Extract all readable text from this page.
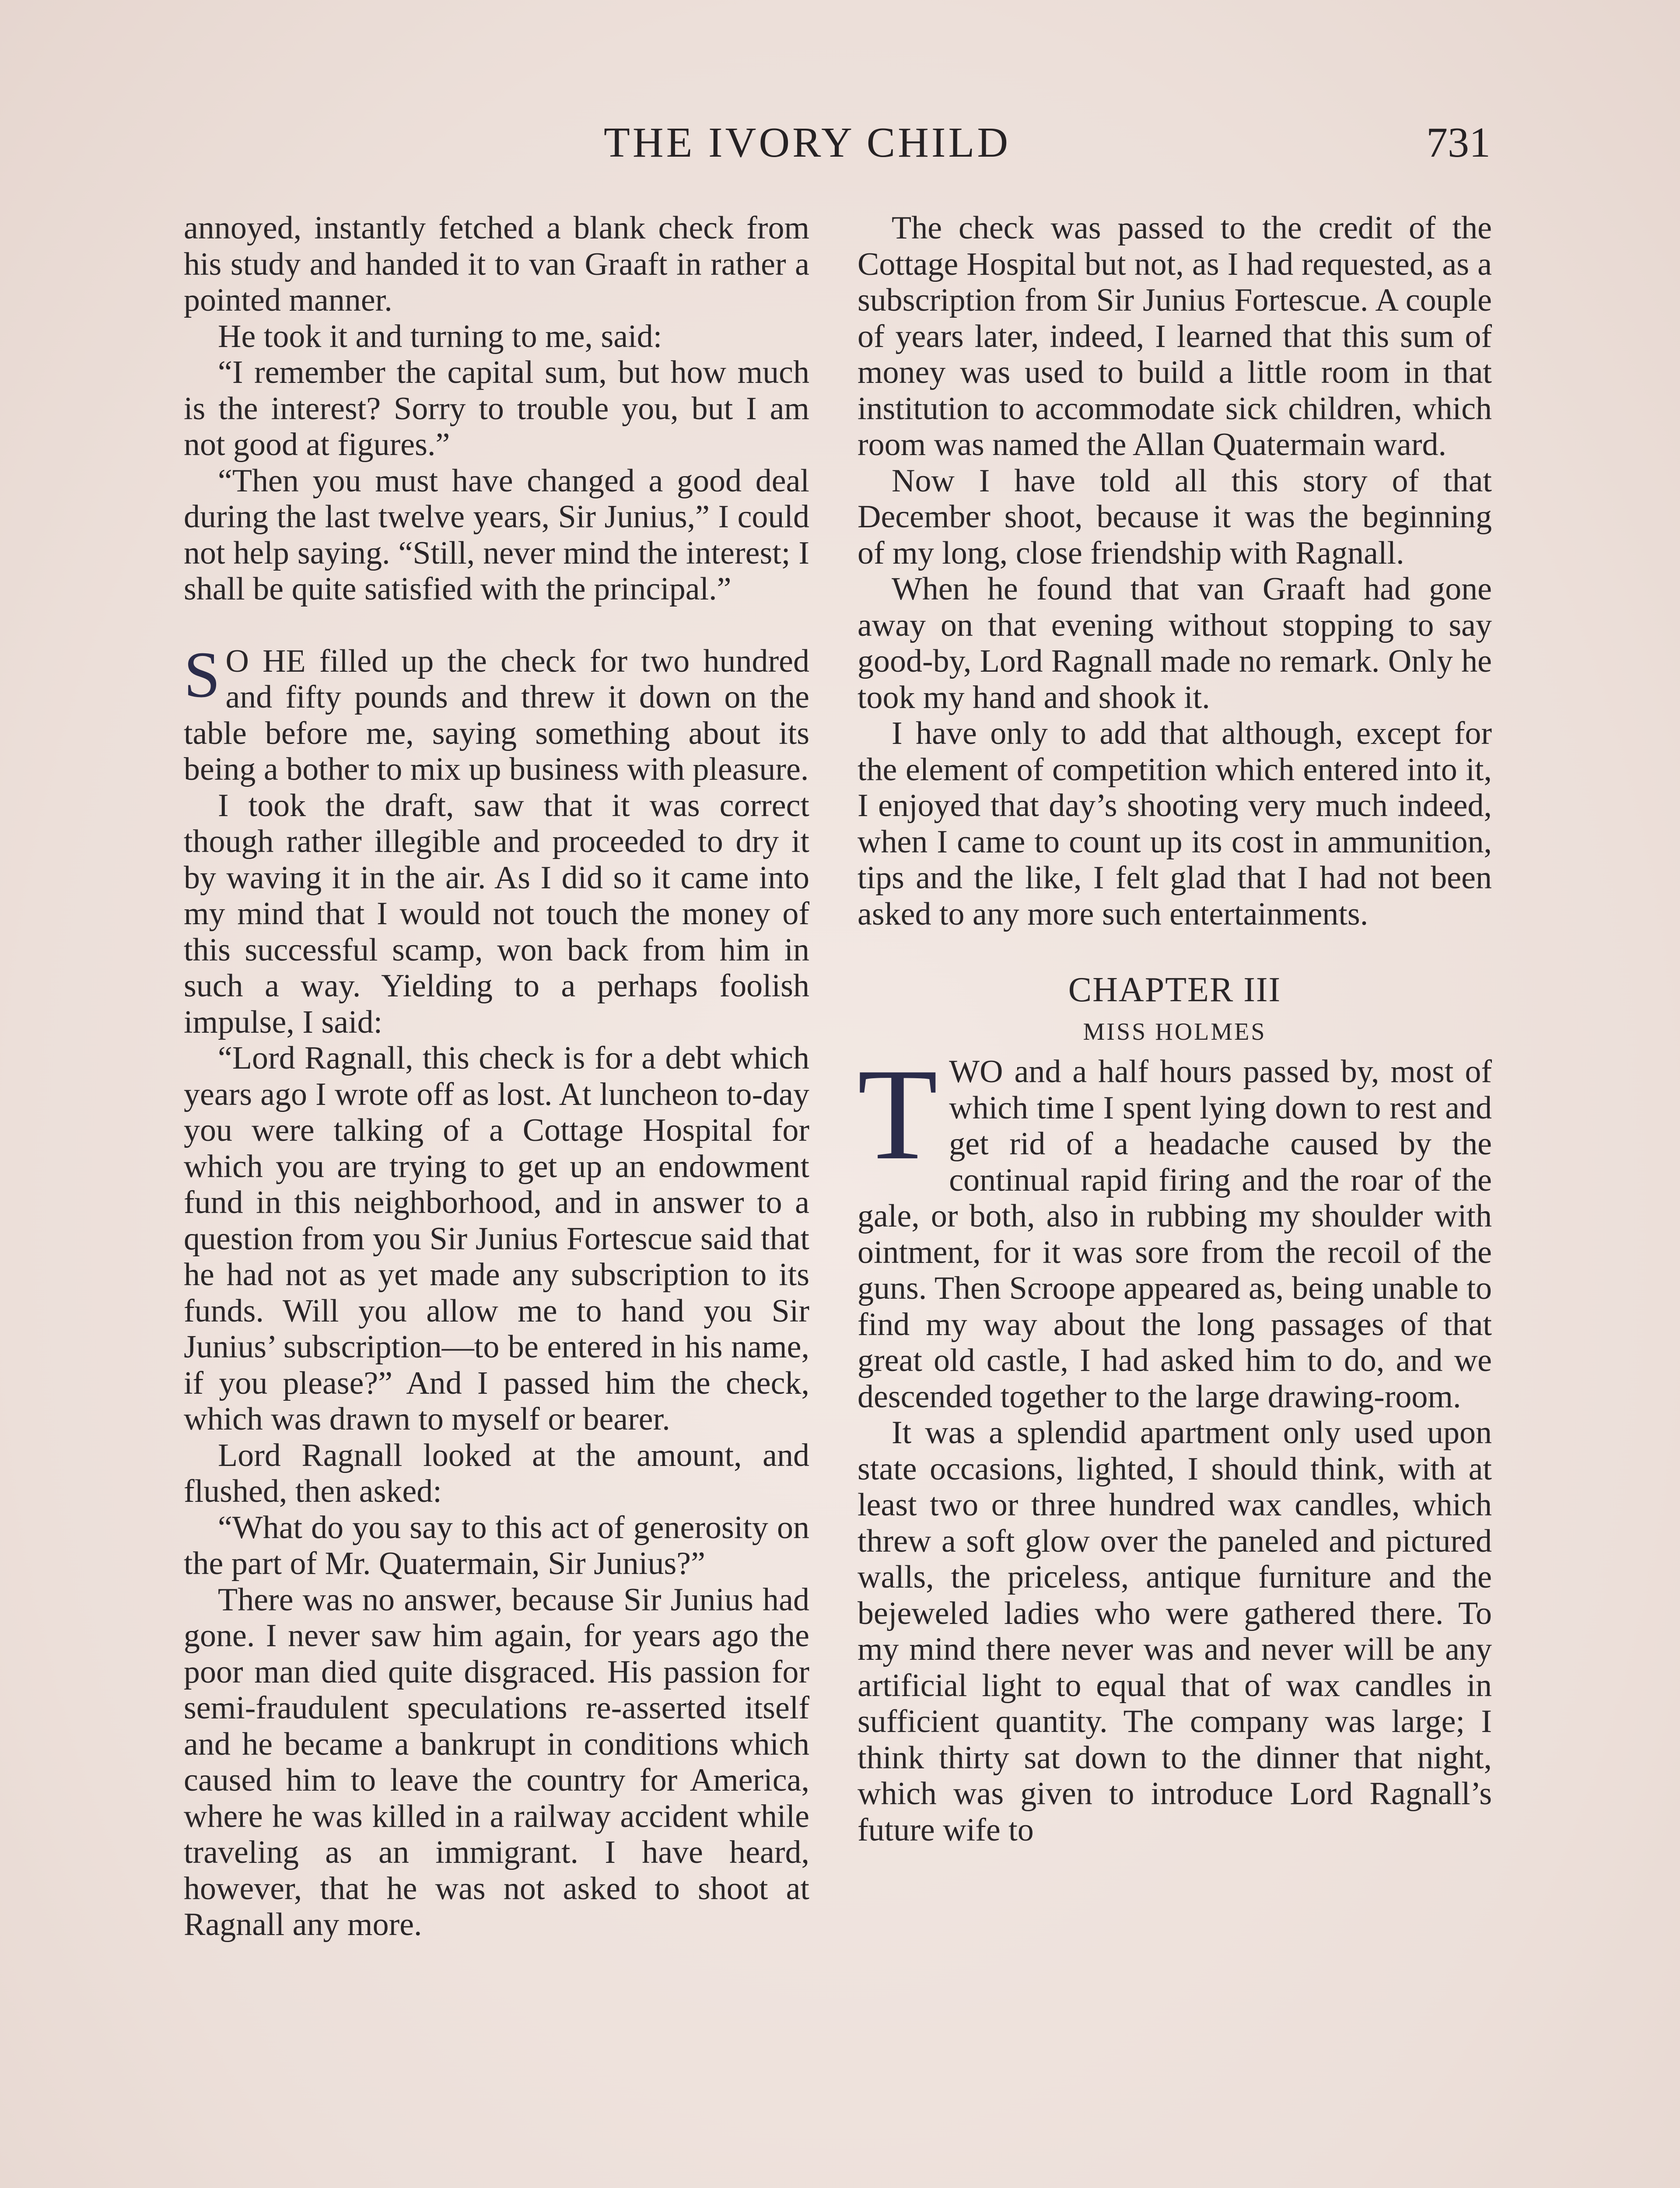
THE IVORY CHILD	731

annoyed, instantly fetched a blank check from his study and handed it to van Graaft in rather a pointed manner.

He took it and turning to me, said:

“I remember the capital sum, but how much is the interest? Sorry to trouble you, but I am not good at figures.”

“Then you must have changed a good deal during the last twelve years, Sir Junius,” I could not help saying. “Still, never mind the interest; I shall be quite satisfied with the principal.”

S O HE filled up the check for two hundred and fifty pounds and threw it down on the table before me, saying something about its being a bother to mix up business with pleasure.

I took the draft, saw that it was correct though rather illegible and proceeded to dry it by waving it in the air. As I did so it came into my mind that I would not touch the money of this successful scamp, won back from him in such a way. Yielding to a perhaps foolish impulse, I said:

“Lord Ragnall, this check is for a debt which years ago I wrote off as lost. At luncheon to-day you were talking of a Cottage Hospital for which you are trying to get up an endowment fund in this neighborhood, and in answer to a question from you Sir Junius Fortescue said that he had not as yet made any subscription to its funds. Will you allow me to hand you Sir Junius’ subscription—to be entered in his name, if you please?” And I passed him the check, which was drawn to myself or bearer.

Lord Ragnall looked at the amount, and flushed, then asked:

“What do you say to this act of generosity on the part of Mr. Quatermain, Sir Junius?”

There was no answer, because Sir Junius had gone. I never saw him again, for years ago the poor man died quite disgraced. His passion for semi-fraudulent speculations re-asserted itself and he became a bankrupt in conditions which caused him to leave the country for America, where he was killed in a railway accident while traveling as an immigrant. I have heard, however, that he was not asked to shoot at Ragnall any more.

The check was passed to the credit of the Cottage Hospital but not, as I had requested, as a subscription from Sir Junius Fortescue. A couple of years later, indeed, I learned that this sum of money was used to build a little room in that institution to accommodate sick children, which room was named the Allan Quatermain ward.

Now I have told all this story of that December shoot, because it was the beginning of my long, close friendship with Ragnall.

When he found that van Graaft had gone away on that evening without stopping to say good-by, Lord Ragnall made no remark. Only he took my hand and shook it.

I have only to add that although, except for the element of competition which entered into it, I enjoyed that day’s shooting very much indeed, when I came to count up its cost in ammunition, tips and the like, I felt glad that I had not been asked to any more such entertainments.

CHAPTER III
MISS HOLMES

TWO and a half hours passed by, most of which time I spent lying down to rest and get rid of a headache caused by the continual rapid firing and the roar of the gale, or both, also in rubbing my shoulder with ointment, for it was sore from the recoil of the guns. Then Scroope appeared as, being unable to find my way about the long passages of that great old castle, I had asked him to do, and we descended together to the large drawing-room.

It was a splendid apartment only used upon state occasions, lighted, I should think, with at least two or three hundred wax candles, which threw a soft glow over the paneled and pictured walls, the priceless, antique furniture and the bejeweled ladies who were gathered there. To my mind there never was and never will be any artificial light to equal that of wax candles in sufficient quantity. The company was large; I think thirty sat down to the dinner that night, which was given to introduce Lord Ragnall’s future wife to
